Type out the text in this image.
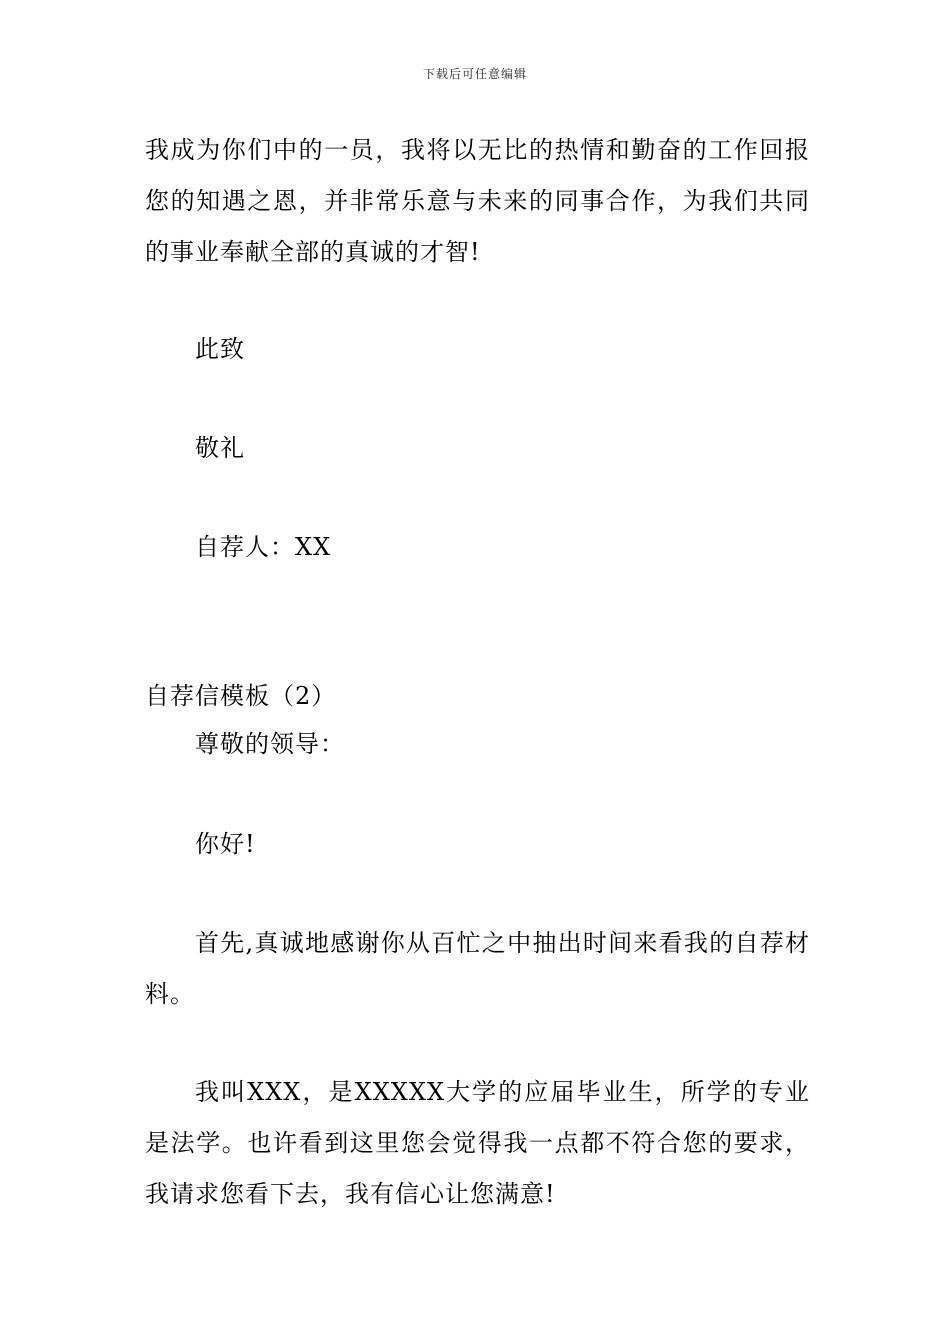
下载后可任意编辑

我成为你们中的一员，我将以无比的热情和勤奋的工作回报您的知遇之恩，并非常乐意与未来的同事合作，为我们共同的事业奉献全部的真诚的才智!

此致

敬礼

自荐人：XX

自荐信模板（2）

尊敬的领导：

你好!

首先,真诚地感谢你从百忙之中抽出时间来看我的自荐材料。

我叫XXX，是XXXXX大学的应届毕业生，所学的专业是法学。也许看到这里您会觉得我一点都不符合您的要求，我请求您看下去，我有信心让您满意!
